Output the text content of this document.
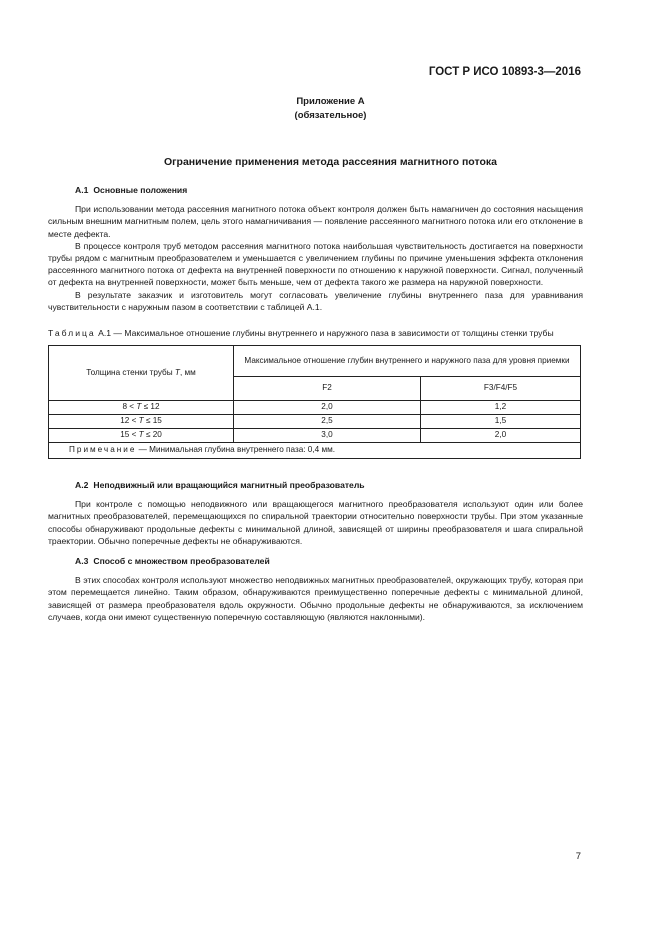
ГОСТ Р ИСО 10893-3—2016
Приложение А
(обязательное)
Ограничение применения метода рассеяния магнитного потока
А.1 Основные положения

При использовании метода рассеяния магнитного потока объект контроля должен быть намагничен до состояния насыщения сильным внешним магнитным полем, цель этого намагничивания — появление рассеянного магнитного потока или его отклонение в месте дефекта.

В процессе контроля труб методом рассеяния магнитного потока наибольшая чувствительность достигается на поверхности трубы рядом с магнитным преобразователем и уменьшается с увеличением глубины по причине уменьшения эффекта отклонения рассеянного магнитного потока от дефекта на внутренней поверхности по отношению к наружной поверхности. Сигнал, полученный от дефекта на внутренней поверхности, может быть меньше, чем от дефекта такого же размера на наружной поверхности.

В результате заказчик и изготовитель могут согласовать увеличение глубины внутреннего паза для уравнивания чувствительности с наружным пазом в соответствии с таблицей А.1.

Таблица А.1 — Максимальное отношение глубины внутреннего и наружного паза в зависимости от толщины стенки трубы
Толщина стенки трубы T, мм	Максимальное отношение глубин внутреннего и наружного паза для уровня приемки	
	F2	F3/F4/F5
8 < T ≤ 12	2,0	1,2
12 < T ≤ 15	2,5	1,5
15 < T ≤ 20	3,0	2,0
Примечание — Минимальная глубина внутреннего паза: 0,4 мм.		
А.2 Неподвижный или вращающийся магнитный преобразователь

При контроле с помощью неподвижного или вращающегося магнитного преобразователя используют один или более магнитных преобразователей, перемещающихся по спиральной траектории относительно поверхности трубы. При этом указанные способы обнаруживают продольные дефекты с минимальной длиной, зависящей от ширины преобразователя и шага спиральной траектории. Обычно поперечные дефекты не обнаруживаются.

А.3 Способ с множеством преобразователей

В этих способах контроля используют множество неподвижных магнитных преобразователей, окружающих трубу, которая при этом перемещается линейно. Таким образом, обнаруживаются преимущественно поперечные дефекты с минимальной длиной, зависящей от размера преобразователя вдоль окружности. Обычно продольные дефекты не обнаруживаются, за исключением случаев, когда они имеют существенную поперечную составляющую (являются наклонными).

7
